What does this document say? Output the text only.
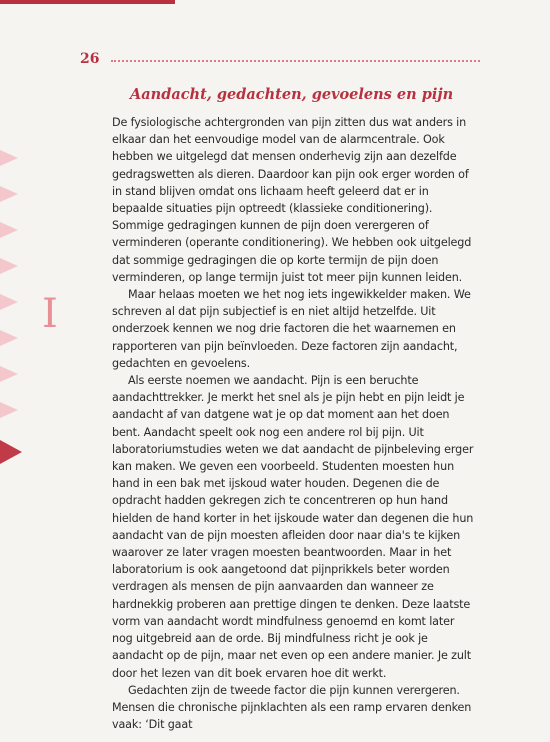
26
Aandacht, gedachten, gevoelens en pijn
I

De fysiologische achtergronden van pijn zitten dus wat anders in elkaar dan het eenvoudige model van de alarmcentrale. Ook hebben we uitgelegd dat mensen onderhevig zijn aan dezelfde gedragswetten als dieren. Daardoor kan pijn ook erger worden of in stand blijven omdat ons lichaam heeft geleerd dat er in bepaalde situaties pijn optreedt (klassieke conditionering). Sommige gedragingen kunnen de pijn doen verergeren of verminderen (operante conditionering). We hebben ook uitgelegd dat sommige gedragingen die op korte termijn de pijn doen verminderen, op lange termijn juist tot meer pijn kunnen leiden.

Maar helaas moeten we het nog iets ingewikkelder maken. We schreven al dat pijn subjectief is en niet altijd hetzelfde. Uit onderzoek kennen we nog drie factoren die het waarnemen en rapporteren van pijn beïnvloeden. Deze factoren zijn aandacht, gedachten en gevoelens.

Als eerste noemen we aandacht. Pijn is een beruchte aandachttrekker. Je merkt het snel als je pijn hebt en pijn leidt je aandacht af van datgene wat je op dat moment aan het doen bent. Aandacht speelt ook nog een andere rol bij pijn. Uit laboratoriumstudies weten we dat aandacht de pijnbeleving erger kan maken. We geven een voorbeeld. Studenten moesten hun hand in een bak met ijskoud water houden. Degenen die de opdracht hadden gekregen zich te concentreren op hun hand hielden de hand korter in het ijskoude water dan degenen die hun aandacht van de pijn moesten afleiden door naar dia's te kijken waarover ze later vragen moesten beantwoorden. Maar in het laboratorium is ook aangetoond dat pijnprikkels beter worden verdragen als mensen de pijn aanvaarden dan wanneer ze hardnekkig proberen aan prettige dingen te denken. Deze laatste vorm van aandacht wordt mindfulness genoemd en komt later nog uitgebreid aan de orde. Bij mindfulness richt je ook je aandacht op de pijn, maar net even op een andere manier. Je zult door het lezen van dit boek ervaren hoe dit werkt.

Gedachten zijn de tweede factor die pijn kunnen verergeren. Mensen die chronische pijnklachten als een ramp ervaren denken vaak: ‘Dit gaat
